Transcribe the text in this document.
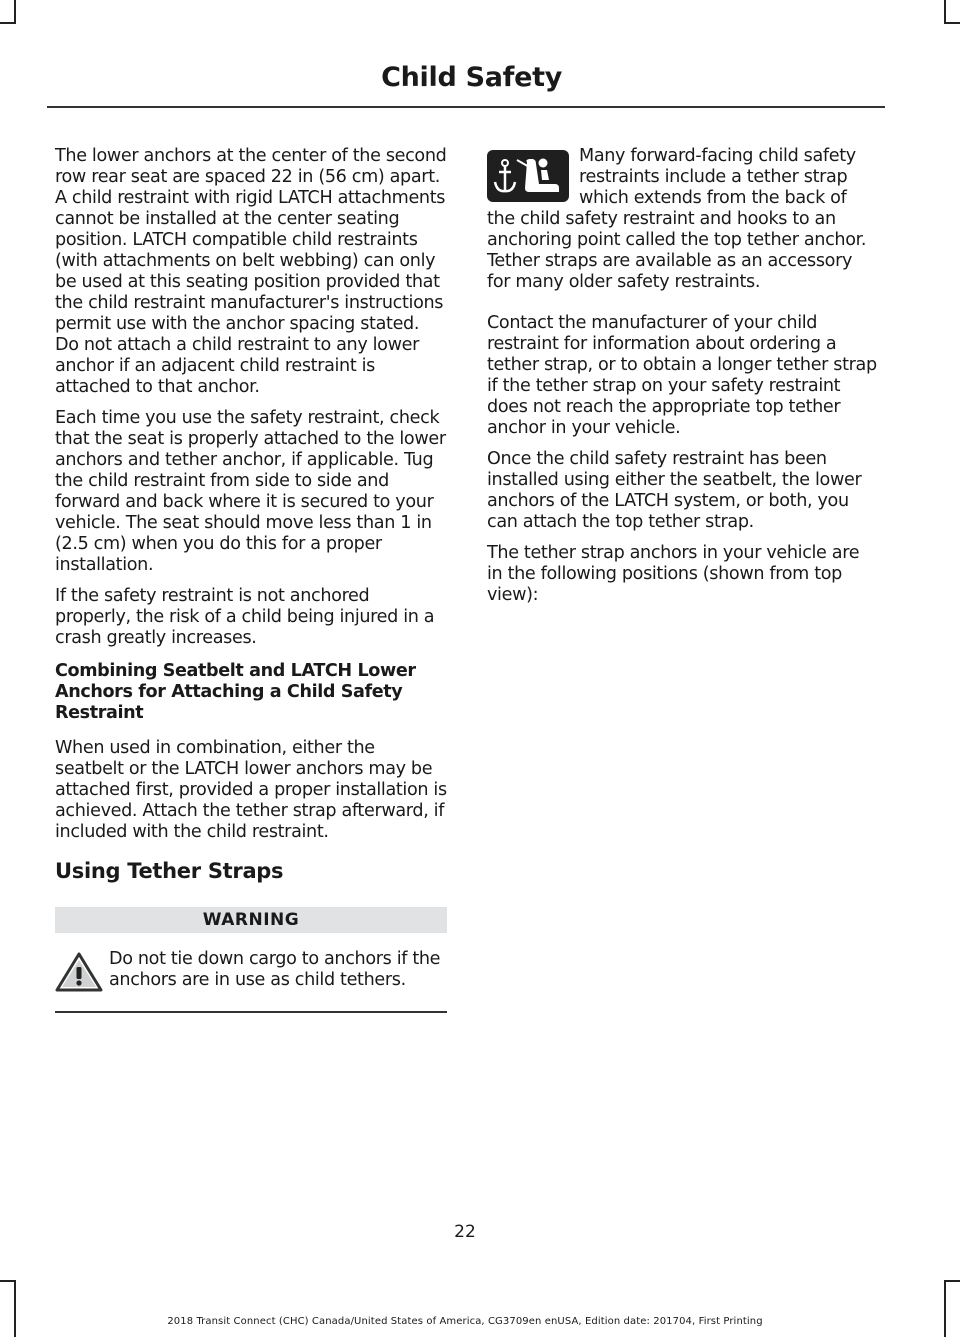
Child Safety

The lower anchors at the center of the second row rear seat are spaced 22 in (56 cm) apart. A child restraint with rigid LATCH attachments cannot be installed at the center seating position. LATCH compatible child restraints (with attachments on belt webbing) can only be used at this seating position provided that the child restraint manufacturer's instructions permit use with the anchor spacing stated. Do not attach a child restraint to any lower anchor if an adjacent child restraint is attached to that anchor.

Each time you use the safety restraint, check that the seat is properly attached to the lower anchors and tether anchor, if applicable. Tug the child restraint from side to side and forward and back where it is secured to your vehicle. The seat should move less than 1 in (2.5 cm) when you do this for a proper installation.

If the safety restraint is not anchored properly, the risk of a child being injured in a crash greatly increases.

Combining Seatbelt and LATCH Lower Anchors for Attaching a Child Safety Restraint

When used in combination, either the seatbelt or the LATCH lower anchors may be attached first, provided a proper installation is achieved. Attach the tether strap afterward, if included with the child restraint.

Using Tether Straps
WARNING

Do not tie down cargo to anchors if the anchors are in use as child tethers.

Many forward-facing child safety restraints include a tether strap which extends from the back of the child safety restraint and hooks to an anchoring point called the top tether anchor. Tether straps are available as an accessory for many older safety restraints.

Contact the manufacturer of your child restraint for information about ordering a tether strap, or to obtain a longer tether strap if the tether strap on your safety restraint does not reach the appropriate top tether anchor in your vehicle.

Once the child safety restraint has been installed using either the seatbelt, the lower anchors of the LATCH system, or both, you can attach the top tether strap.

The tether strap anchors in your vehicle are in the following positions (shown from top view):

22

2018 Transit Connect (CHC) Canada/United States of America, CG3709en enUSA, Edition date: 201704, First Printing
